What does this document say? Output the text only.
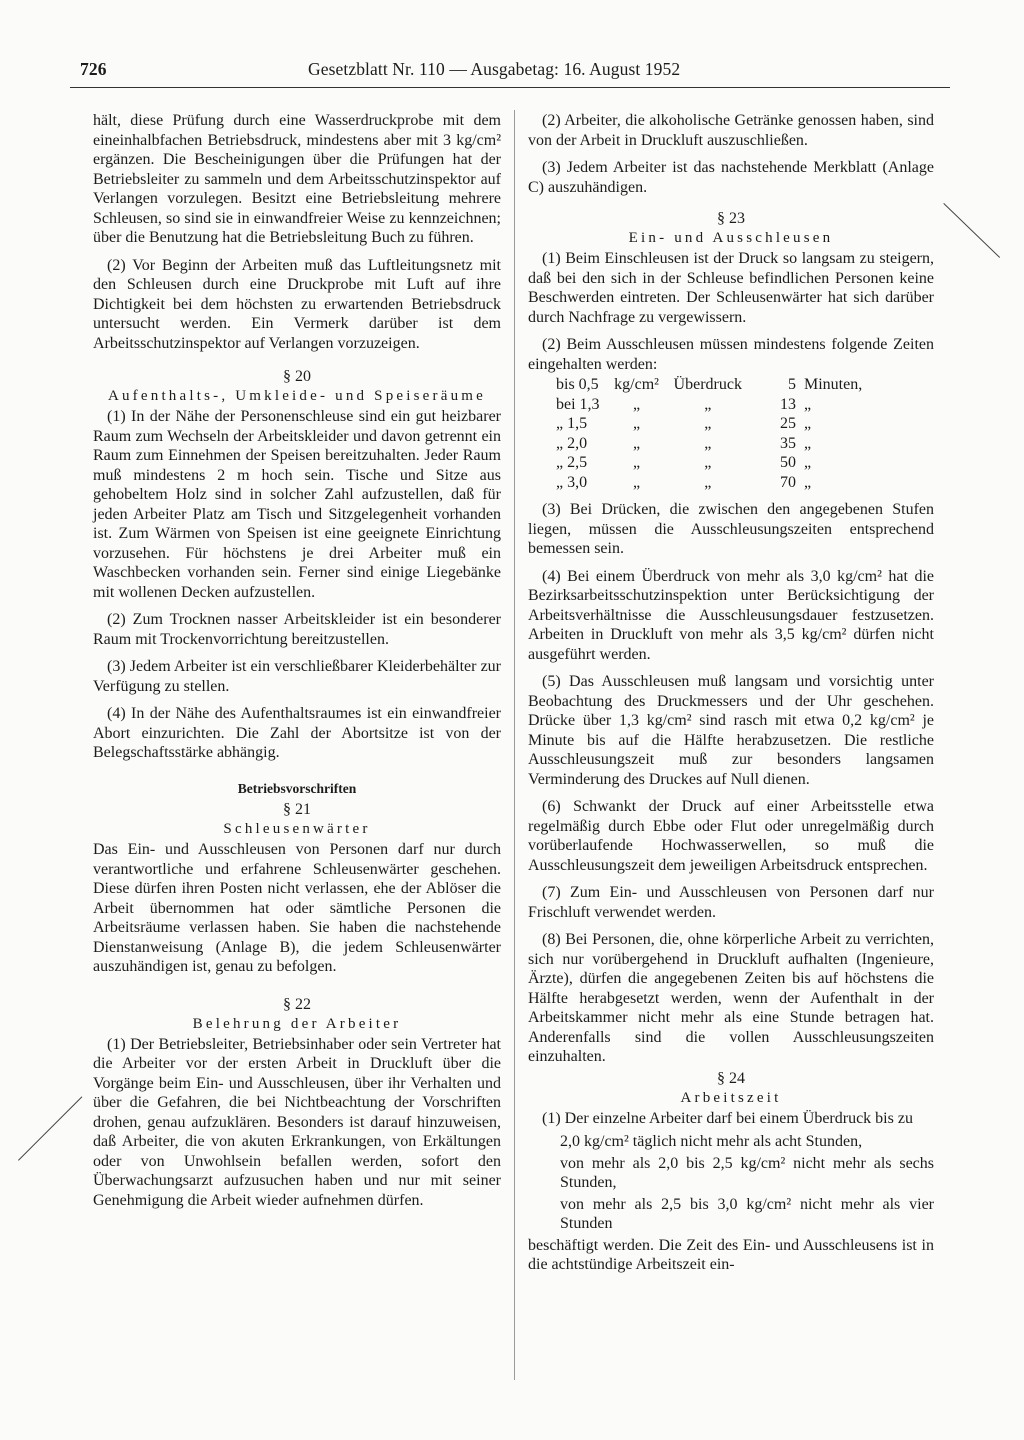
726	Gesetzblatt Nr. 110 — Ausgabetag: 16. August 1952

hält, diese Prüfung durch eine Wasserdruckprobe mit dem eineinhalbfachen Betriebsdruck, mindestens aber mit 3 kg/cm² ergänzen. Die Bescheinigungen über die Prüfungen hat der Betriebsleiter zu sammeln und dem Arbeitsschutzinspektor auf Verlangen vorzulegen. Besitzt eine Betriebsleitung mehrere Schleusen, so sind sie in einwandfreier Weise zu kennzeichnen; über die Benutzung hat die Betriebsleitung Buch zu führen.

(2) Vor Beginn der Arbeiten muß das Luftleitungsnetz mit den Schleusen durch eine Druckprobe mit Luft auf ihre Dichtigkeit bei dem höchsten zu erwartenden Betriebsdruck untersucht werden. Ein Vermerk darüber ist dem Arbeitsschutzinspektor auf Verlangen vorzuzeigen.

§ 20
Aufenthalts-, Umkleide- und Speiseräume

(1) In der Nähe der Personenschleuse sind ein gut heizbarer Raum zum Wechseln der Arbeitskleider und davon getrennt ein Raum zum Einnehmen der Speisen bereitzuhalten. Jeder Raum muß mindestens 2 m hoch sein. Tische und Sitze aus gehobeltem Holz sind in solcher Zahl aufzustellen, daß für jeden Arbeiter Platz am Tisch und Sitzgelegenheit vorhanden ist. Zum Wärmen von Speisen ist eine geeignete Einrichtung vorzusehen. Für höchstens je drei Arbeiter muß ein Waschbecken vorhanden sein. Ferner sind einige Liegebänke mit wollenen Decken aufzustellen.

(2) Zum Trocknen nasser Arbeitskleider ist ein besonderer Raum mit Trockenvorrichtung bereitzustellen.

(3) Jedem Arbeiter ist ein verschließbarer Kleiderbehälter zur Verfügung zu stellen.

(4) In der Nähe des Aufenthaltsraumes ist ein einwandfreier Abort einzurichten. Die Zahl der Abortsitze ist von der Belegschaftsstärke abhängig.

Betriebsvorschriften
§ 21
Schleusenwärter

Das Ein- und Ausschleusen von Personen darf nur durch verantwortliche und erfahrene Schleusenwärter geschehen. Diese dürfen ihren Posten nicht verlassen, ehe der Ablöser die Arbeit übernommen hat oder sämtliche Personen die Arbeitsräume verlassen haben. Sie haben die nachstehende Dienstanweisung (Anlage B), die jedem Schleusenwärter auszuhändigen ist, genau zu befolgen.

§ 22
Belehrung der Arbeiter

(1) Der Betriebsleiter, Betriebsinhaber oder sein Vertreter hat die Arbeiter vor der ersten Arbeit in Druckluft über die Vorgänge beim Ein- und Ausschleusen, über ihr Verhalten und über die Gefahren, die bei Nichtbeachtung der Vorschriften drohen, genau aufzuklären. Besonders ist darauf hinzuweisen, daß Arbeiter, die von akuten Erkrankungen, von Erkältungen oder von Unwohlsein befallen werden, sofort den Überwachungsarzt aufzusuchen haben und nur mit seiner Genehmigung die Arbeit wieder aufnehmen dürfen.

(2) Arbeiter, die alkoholische Getränke genossen haben, sind von der Arbeit in Druckluft auszuschließen.

(3) Jedem Arbeiter ist das nachstehende Merkblatt (Anlage C) auszuhändigen.

§ 23
Ein- und Ausschleusen

(1) Beim Einschleusen ist der Druck so langsam zu steigern, daß bei den sich in der Schleuse befindlichen Personen keine Beschwerden eintreten. Der Schleusenwärter hat sich darüber durch Nachfrage zu vergewissern.

(2) Beim Ausschleusen müssen mindestens folgende Zeiten eingehalten werden:

bis 0,5	kg/cm²	Überdruck	5	Minuten,
bei 1,3	„	„	13	„
„ 1,5	„	„	25	„
„ 2,0	„	„	35	„
„ 2,5	„	„	50	„
„ 3,0	„	„	70	„

(3) Bei Drücken, die zwischen den angegebenen Stufen liegen, müssen die Ausschleusungszeiten entsprechend bemessen sein.

(4) Bei einem Überdruck von mehr als 3,0 kg/cm² hat die Bezirksarbeitsschutzinspektion unter Berücksichtigung der Arbeitsverhältnisse die Ausschleusungsdauer festzusetzen. Arbeiten in Druckluft von mehr als 3,5 kg/cm² dürfen nicht ausgeführt werden.

(5) Das Ausschleusen muß langsam und vorsichtig unter Beobachtung des Druckmessers und der Uhr geschehen. Drücke über 1,3 kg/cm² sind rasch mit etwa 0,2 kg/cm² je Minute bis auf die Hälfte herabzusetzen. Die restliche Ausschleusungszeit muß zur besonders langsamen Verminderung des Druckes auf Null dienen.

(6) Schwankt der Druck auf einer Arbeitsstelle etwa regelmäßig durch Ebbe oder Flut oder unregelmäßig durch vorüberlaufende Hochwasserwellen, so muß die Ausschleusungszeit dem jeweiligen Arbeitsdruck entsprechen.

(7) Zum Ein- und Ausschleusen von Personen darf nur Frischluft verwendet werden.

(8) Bei Personen, die, ohne körperliche Arbeit zu verrichten, sich nur vorübergehend in Druckluft aufhalten (Ingenieure, Ärzte), dürfen die angegebenen Zeiten bis auf höchstens die Hälfte herabgesetzt werden, wenn der Aufenthalt in der Arbeitskammer nicht mehr als eine Stunde betragen hat. Anderenfalls sind die vollen Ausschleusungszeiten einzuhalten.

§ 24
Arbeitszeit

(1) Der einzelne Arbeiter darf bei einem Überdruck bis zu

2,0 kg/cm² täglich nicht mehr als acht Stunden,

von mehr als 2,0 bis 2,5 kg/cm² nicht mehr als sechs Stunden,

von mehr als 2,5 bis 3,0 kg/cm² nicht mehr als vier Stunden

beschäftigt werden. Die Zeit des Ein- und Ausschleusens ist in die achtstündige Arbeitszeit ein-
